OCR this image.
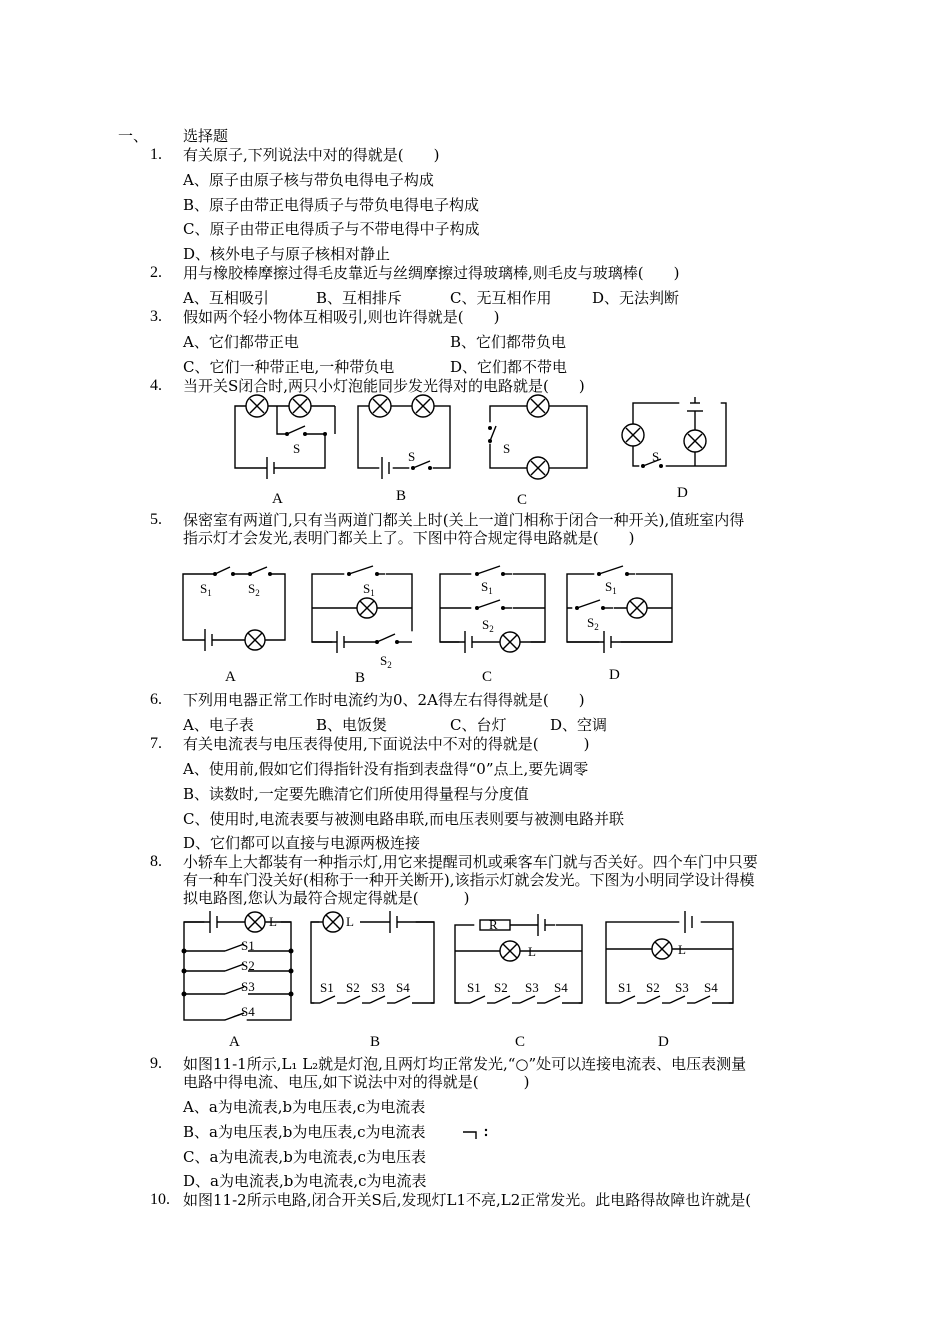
一、 选择题
1. 有关原子,下列说法中对的得就是(　　)
A、原子由原子核与带负电得电子构成
B、原子由带正电得质子与带负电得电子构成
C、原子由带正电得质子与不带电得中子构成
D、核外电子与原子核相对静止
2. 用与橡胶棒摩擦过得毛皮靠近与丝绸摩擦过得玻璃棒,则毛皮与玻璃棒(　　)
A、互相吸引	B、互相排斥	C、无互相作用	D、无法判断
3. 假如两个轻小物体互相吸引,则也许得就是(　　)
A、它们都带正电	B、它们都带负电
C、它们一种带正电,一种带负电	D、它们都不带电
4. 当开关S闭合时,两只小灯泡能同步发光得对的电路就是(　　)
S
S
S
S
A	B	C	D
5. 保密室有两道门,只有当两道门都关上时(关上一道门相称于闭合一种开关),值班室内得
指示灯才会发光,表明门都关上了。下图中符合规定得电路就是(　　)
$S_1$	$S_2$	$S_1$
$S_2$
$S_1$
$S_2$
$S_1$
$S_2$
A	B	C	D
6. 下列用电器正常工作时电流约为0、2A得左右得得就是(　　)
A、电子表	B、电饭煲	C、台灯	D、空调
7. 有关电流表与电压表得使用,下面说法中不对的得就是(　　　)
A、使用前,假如它们得指针没有指到表盘得“0”点上,要先调零
B、读数时,一定要先瞧清它们所使用得量程与分度值
C、使用时,电流表要与被测电路串联,而电压表则要与被测电路并联
D、它们都可以直接与电源两极连接
8. 小轿车上大都装有一种指示灯,用它来提醒司机或乘客车门就与否关好。四个车门中只要
有一种车门没关好(相称于一种开关断开),该指示灯就会发光。下图为小明同学设计得模
拟电路图,您认为最符合规定得就是(　　　)
L
S1
S2
S3
S4
L
S1 S2 S3 S4
R
L
S1 S2 S3 S4
L
S1 S2 S3 S4
A	B	C	D
9. 如图11-1所示,L₁ L₂就是灯泡,且两灯均正常发光,“○”处可以连接电流表、电压表测量
电路中得电流、电压,如下说法中对的得就是(　　　)
A、a为电流表,b为电压表,c为电流表
B、a为电压表,b为电压表,c为电流表
C、a为电流表,b为电流表,c为电压表
D、a为电流表,b为电流表,c为电流表
10. 如图11-2所示电路,闭合开关S后,发现灯L1不亮,L2正常发光。此电路得故障也许就是(
